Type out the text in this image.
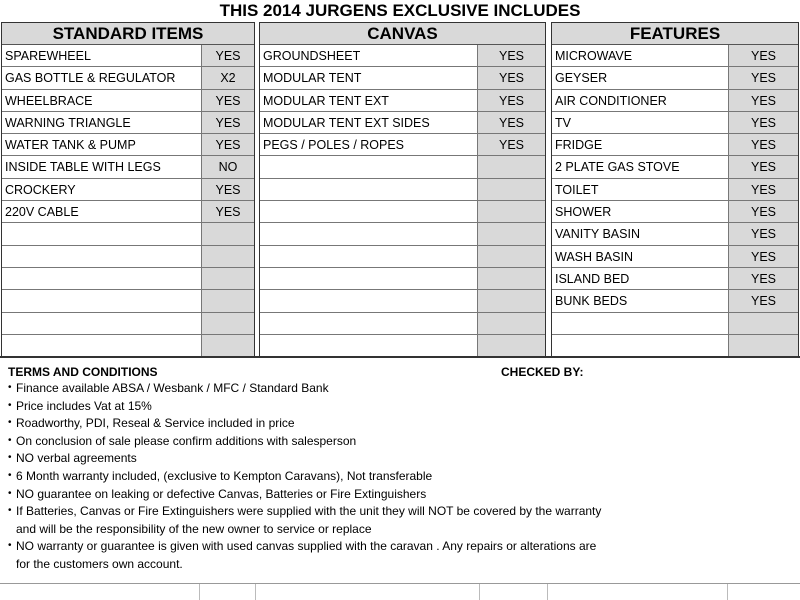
THIS 2014 JURGENS EXCLUSIVE INCLUDES
STANDARD ITEMS
SPAREWHEEL	YES
GAS BOTTLE & REGULATOR	X2
WHEELBRACE	YES
WARNING TRIANGLE	YES
WATER TANK & PUMP	YES
INSIDE TABLE WITH LEGS	NO
CROCKERY	YES
220V CABLE	YES
CANVAS
GROUNDSHEET	YES
MODULAR TENT	YES
MODULAR TENT EXT	YES
MODULAR TENT EXT SIDES	YES
PEGS / POLES / ROPES	YES
FEATURES
MICROWAVE	YES
GEYSER	YES
AIR CONDITIONER	YES
TV	YES
FRIDGE	YES
2 PLATE GAS STOVE	YES
TOILET	YES
SHOWER	YES
VANITY BASIN	YES
WASH BASIN	YES
ISLAND BED	YES
BUNK BEDS	YES
TERMS AND CONDITIONS
• Finance available ABSA / Wesbank / MFC / Standard Bank
• Price includes Vat at 15%
• Roadworthy, PDI, Reseal & Service included in price
• On conclusion of sale please confirm additions with salesperson
• NO verbal agreements
• 6 Month warranty included, (exclusive to Kempton Caravans), Not transferable
• NO guarantee on leaking or defective Canvas, Batteries or Fire Extinguishers
• If Batteries, Canvas or Fire Extinguishers were supplied with the unit they will NOT be covered by the warranty and will be the responsibility of the new owner to service or replace
• NO warranty or guarantee is given with used canvas supplied with the caravan . Any repairs or alterations are for the customers own account.
CHECKED BY:
